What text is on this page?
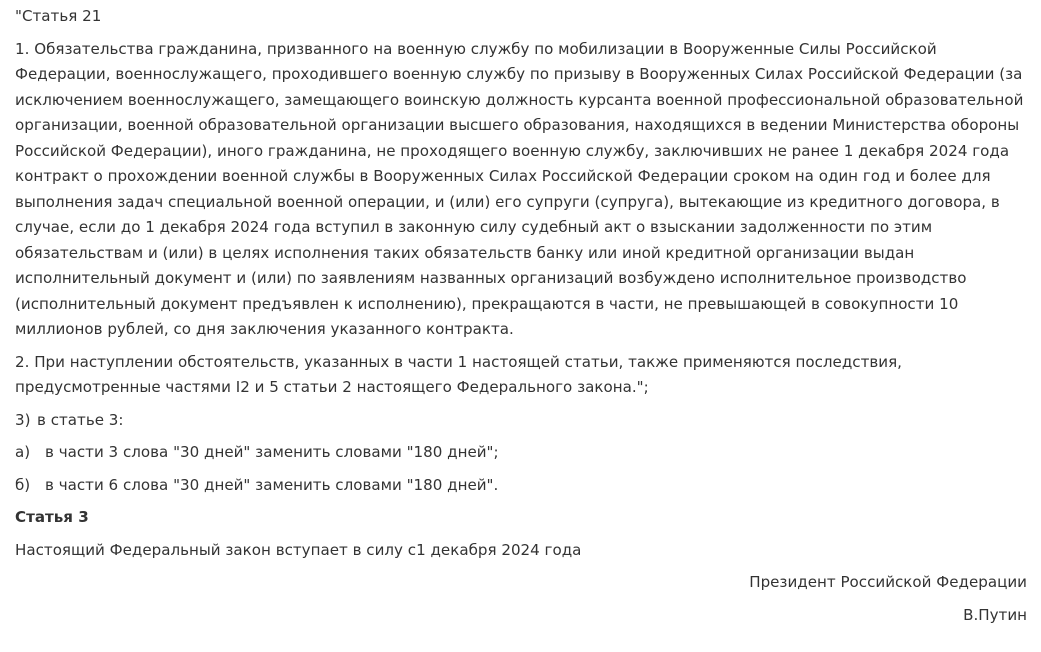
"Статья 21

1. Обязательства гражданина, призванного на военную службу по мобилизации в Вооруженные Силы Российской Федерации, военнослужащего, проходившего военную службу по призыву в Вооруженных Силах Российской Федерации (за исключением военнослужащего, замещающего воинскую должность курсанта военной профессиональной образовательной организации, военной образовательной организации высшего образования, находящихся в ведении Министерства обороны Российской Федерации), иного гражданина, не проходящего военную службу, заключивших не ранее 1 декабря 2024 года контракт о прохождении военной службы в Вооруженных Силах Российской Федерации сроком на один год и более для выполнения задач специальной военной операции, и (или) его супруги (супруга), вытекающие из кредитного договора, в случае, если до 1 декабря 2024 года вступил в законную силу судебный акт о взыскании задолженности по этим обязательствам и (или) в целях исполнения таких обязательств банку или иной кредитной организации выдан исполнительный документ и (или) по заявлениям названных организаций возбуждено исполнительное производство (исполнительный документ предъявлен к исполнению), прекращаются в части, не превышающей в совокупности 10 миллионов рублей, со дня заключения указанного контракта.

2. При наступлении обстоятельств, указанных в части 1 настоящей статьи, также применяются последствия, предусмотренные частями I2 и 5 статьи 2 настоящего Федерального закона.";

3) в статье 3:

а) в части 3 слова "30 дней" заменить словами "180 дней";

б) в части 6 слова "30 дней" заменить словами "180 дней".

Статья 3

Настоящий Федеральный закон вступает в силу с1 декабря 2024 года

Президент Российской Федерации

В.Путин
